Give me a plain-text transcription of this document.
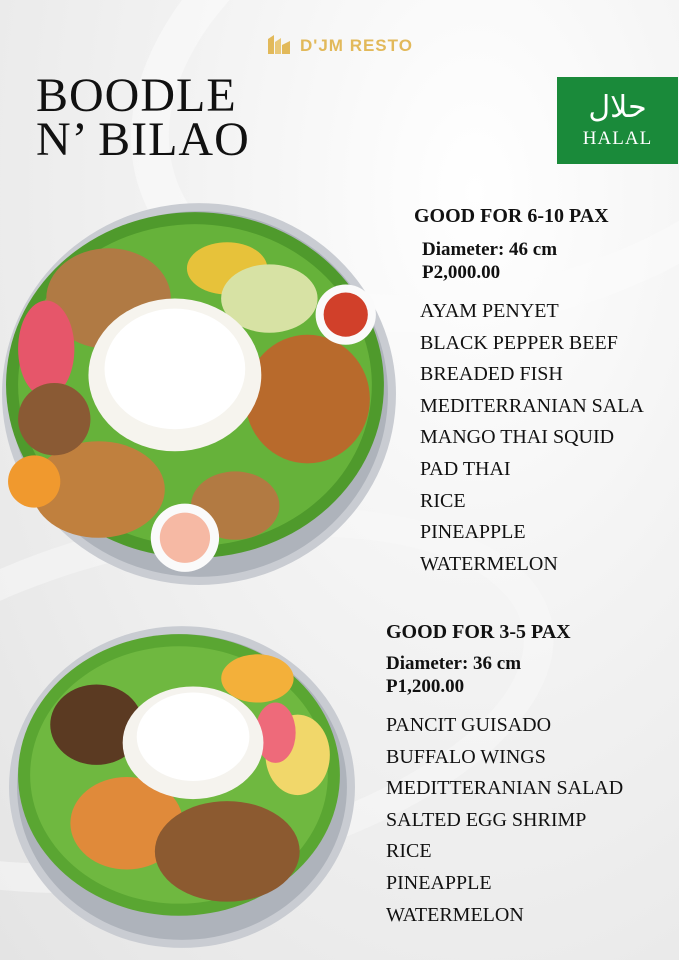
D'JM RESTO
BOODLE
N’ BILAO
حلال
HALAL
GOOD FOR 6-10 PAX
Diameter: 46 cm
P2,000.00
AYAM PENYET
BLACK PEPPER BEEF
BREADED FISH
MEDITERRANIAN SALA
MANGO THAI SQUID
PAD THAI
RICE
PINEAPPLE
WATERMELON
GOOD FOR 3-5 PAX
Diameter: 36 cm
P1,200.00
PANCIT GUISADO
BUFFALO WINGS
MEDITTERANIAN SALAD
SALTED EGG SHRIMP
RICE
PINEAPPLE
WATERMELON
